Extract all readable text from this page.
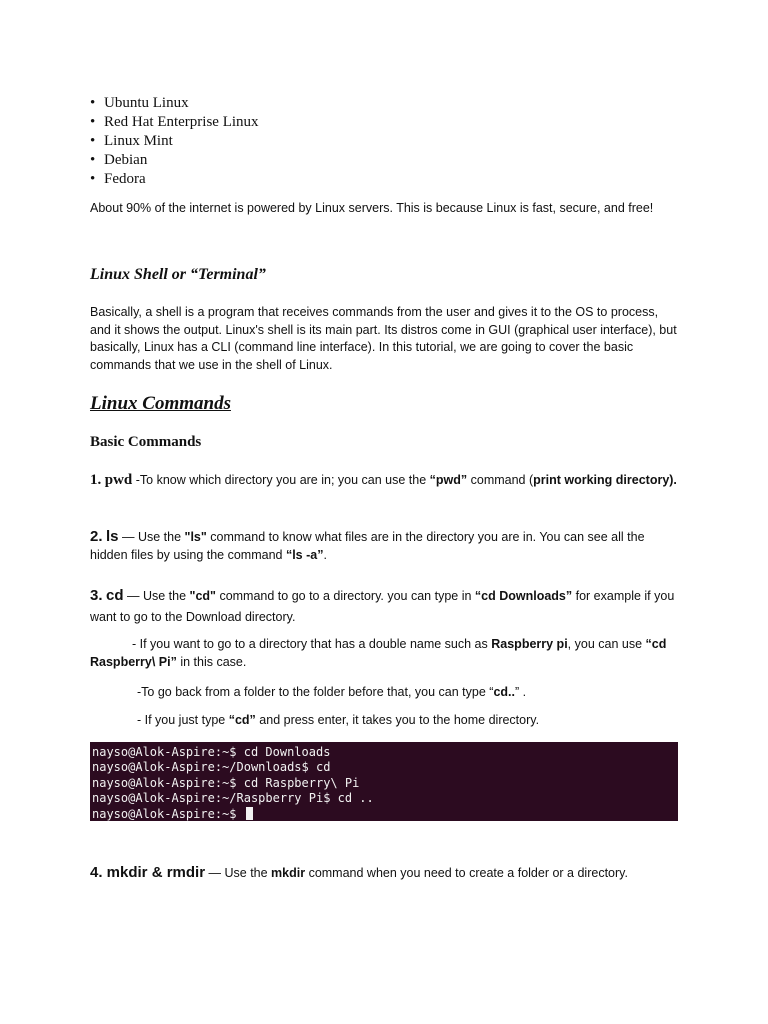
• Ubuntu Linux
• Red Hat Enterprise Linux
• Linux Mint
• Debian
• Fedora

About 90% of the internet is powered by Linux servers. This is because Linux is fast, secure, and free!

Linux Shell or “Terminal”

Basically, a shell is a program that receives commands from the user and gives it to the OS to process, and it shows the output. Linux's shell is its main part. Its distros come in GUI (graphical user interface), but basically, Linux has a CLI (command line interface). In this tutorial, we are going to cover the basic commands that we use in the shell of Linux.

Linux Commands
Basic Commands

1. pwd -To know which directory you are in; you can use the “pwd” command (print working directory).

2. ls — Use the "ls" command to know what files are in the directory you are in. You can see all the hidden files by using the command “ls -a”.

3. cd — Use the "cd" command to go to a directory. you can type in “cd Downloads” for example if you want to go to the Download directory.

- If you want to go to a directory that has a double name such as Raspberry pi, you can use “cd Raspberry\ Pi” in this case.

-To go back from a folder to the folder before that, you can type “cd..” .

- If you just type “cd” and press enter, it takes you to the home directory.

nayso@Alok-Aspire:~$ cd Downloads
nayso@Alok-Aspire:~/Downloads$ cd
nayso@Alok-Aspire:~$ cd Raspberry\ Pi
nayso@Alok-Aspire:~/Raspberry Pi$ cd ..
nayso@Alok-Aspire:~$

4. mkdir & rmdir — Use the mkdir command when you need to create a folder or a directory.
